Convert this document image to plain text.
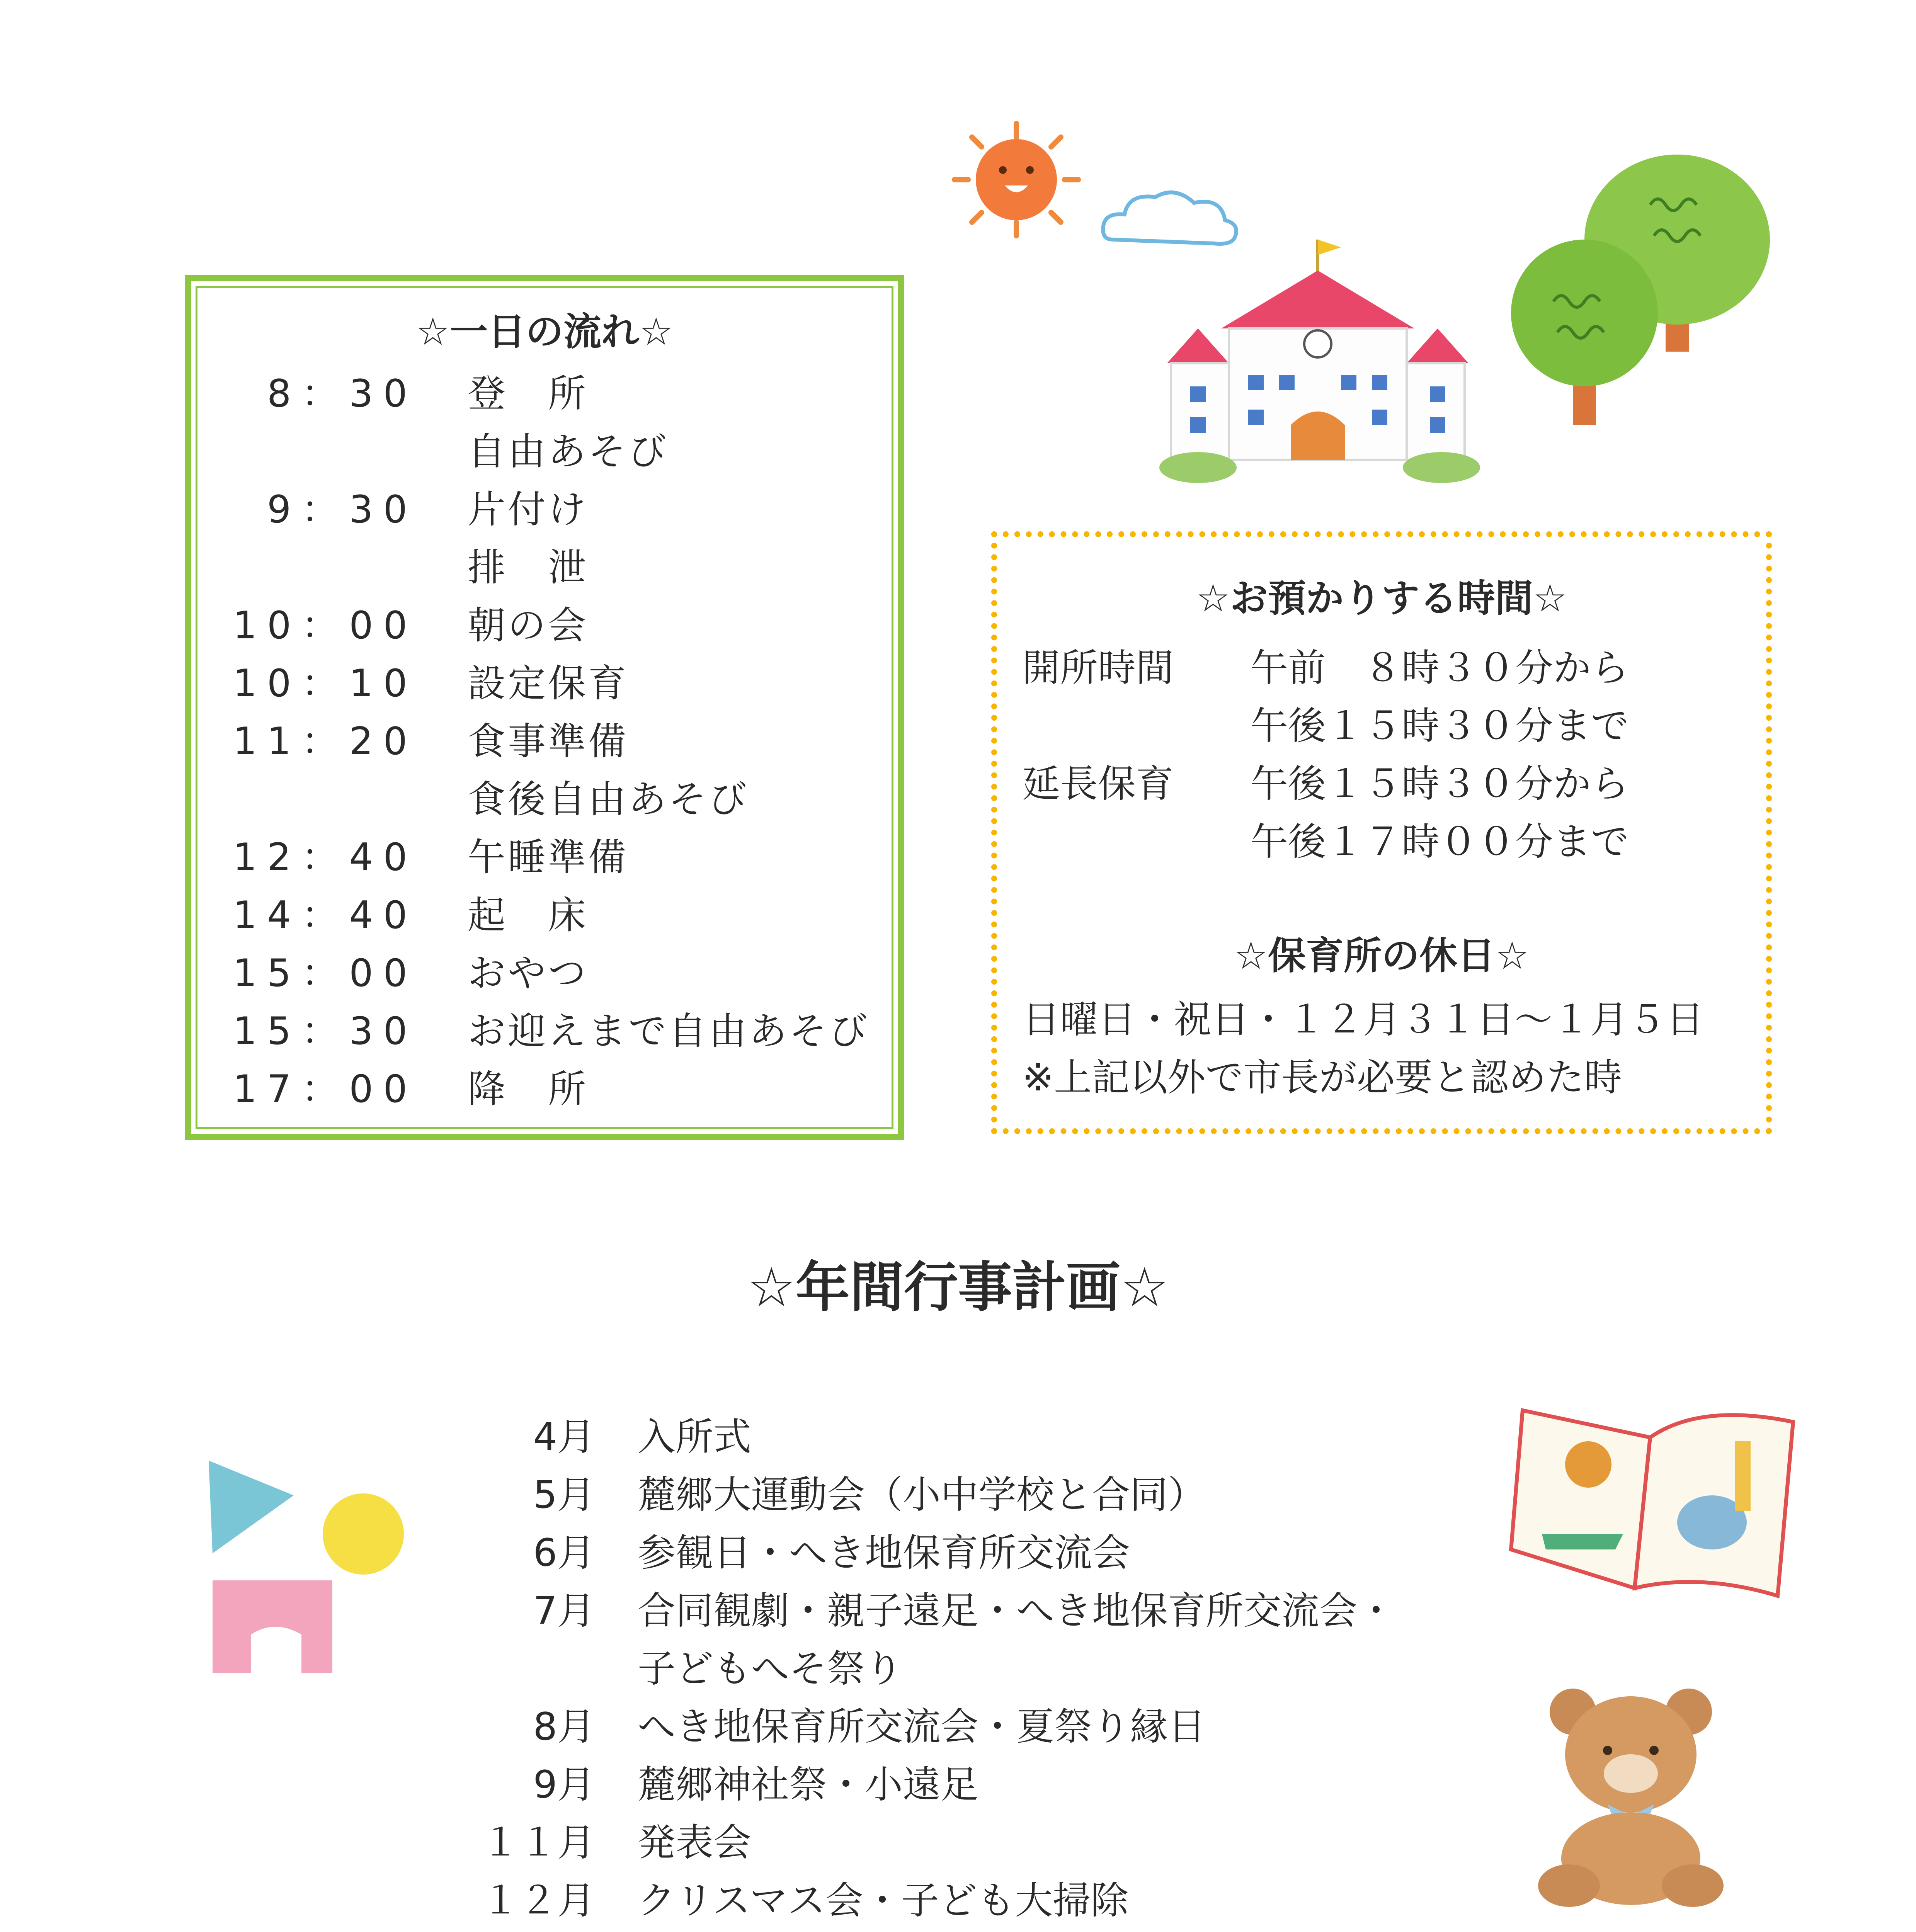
☆一日の流れ☆
8：30 登　所
自由あそび
9：30 片付け
排　泄
10：00 朝の会
10：10 設定保育
11：20 食事準備
食後自由あそび
12：40 午睡準備
14：40 起　床
15：00 おやつ
15：30 お迎えまで自由あそび
17：00 降　所
☆お預かりする時間☆
開所時間	午前　８時３０分から
午後１５時３０分まで
延長保育	午後１５時３０分から
午後１７時００分まで
☆保育所の休日☆
日曜日・祝日・１２月３１日～１月５日
※上記以外で市長が必要と認めた時
☆年間行事計画☆
4月 入所式
5月 麓郷大運動会（小中学校と合同）
6月 参観日・へき地保育所交流会
7月 合同観劇・親子遠足・へき地保育所交流会・
子どもへそ祭り
8月 へき地保育所交流会・夏祭り縁日
9月 麓郷神社祭・小遠足
１１月 発表会
１２月 クリスマス会・子ども大掃除
